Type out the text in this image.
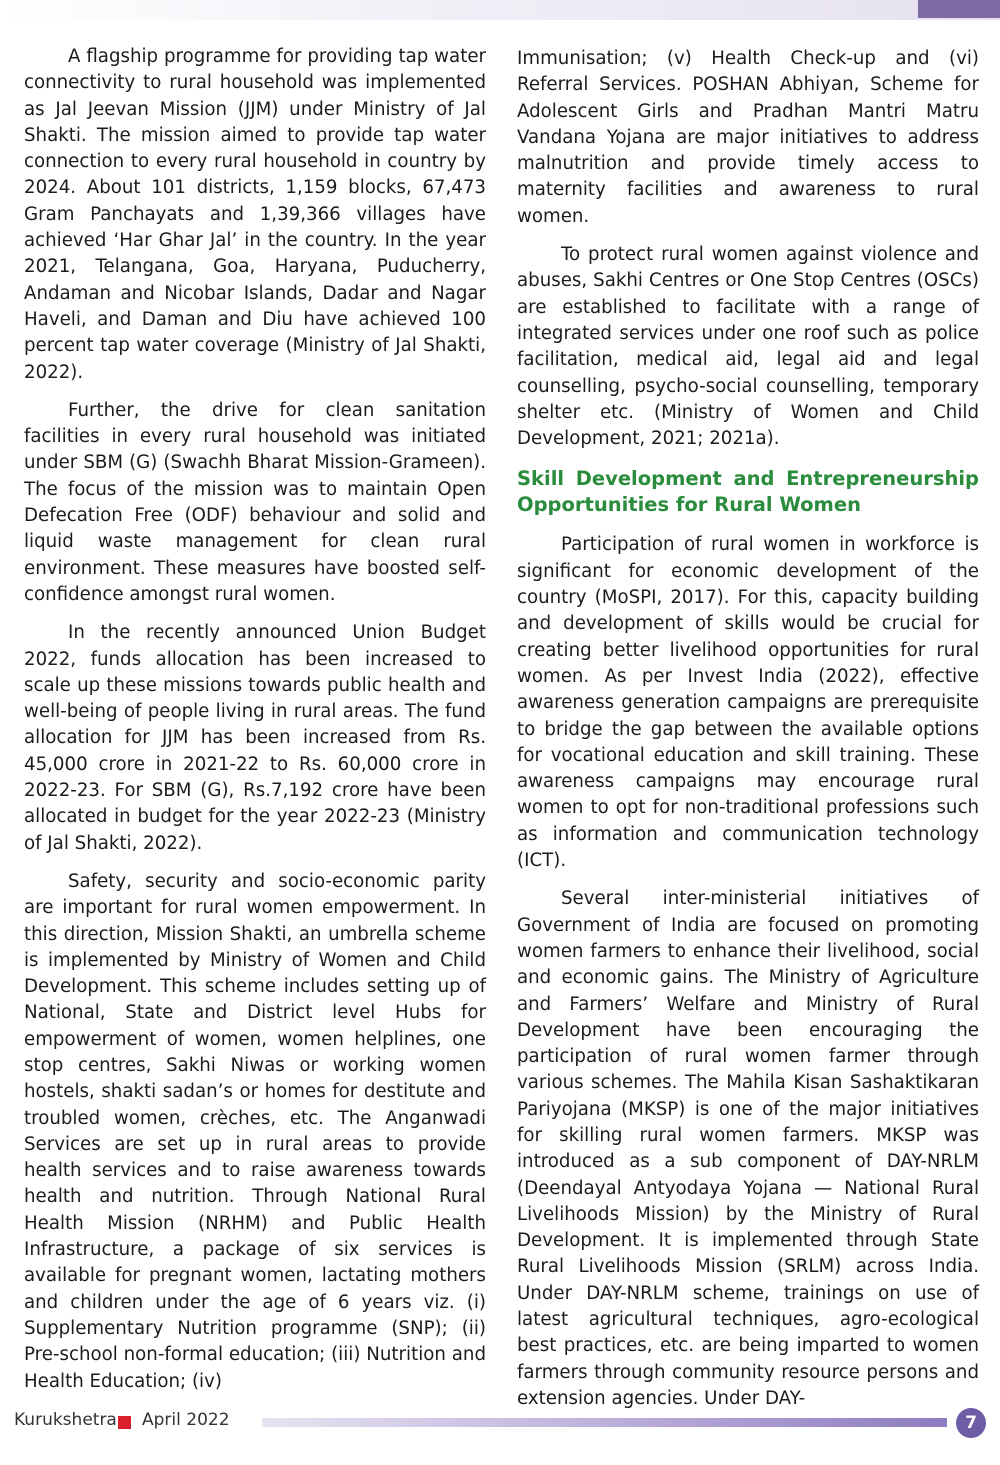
A flagship programme for providing tap water connectivity to rural household was implemented as Jal Jeevan Mission (JJM) under Ministry of Jal Shakti. The mission aimed to provide tap water connection to every rural household in country by 2024. About 101 districts, 1,159 blocks, 67,473 Gram Panchayats and 1,39,366 villages have achieved ‘Har Ghar Jal’ in the country. In the year 2021, Telangana, Goa, Haryana, Puducherry, Andaman and Nicobar Islands, Dadar and Nagar Haveli, and Daman and Diu have achieved 100 percent tap water coverage (Ministry of Jal Shakti, 2022).

Further, the drive for clean sanitation facilities in every rural household was initiated under SBM (G) (Swachh Bharat Mission-Grameen). The focus of the mission was to maintain Open Defecation Free (ODF) behaviour and solid and liquid waste management for clean rural environment. These measures have boosted self-confidence amongst rural women.

In the recently announced Union Budget 2022, funds allocation has been increased to scale up these missions towards public health and well-being of people living in rural areas. The fund allocation for JJM has been increased from Rs. 45,000 crore in 2021-22 to Rs. 60,000 crore in 2022-23. For SBM (G), Rs.7,192 crore have been allocated in budget for the year 2022-23 (Ministry of Jal Shakti, 2022).

Safety, security and socio-economic parity are important for rural women empowerment. In this direction, Mission Shakti, an umbrella scheme is implemented by Ministry of Women and Child Development. This scheme includes setting up of National, State and District level Hubs for empowerment of women, women helplines, one stop centres, Sakhi Niwas or working women hostels, shakti sadan’s or homes for destitute and troubled women, crèches, etc. The Anganwadi Services are set up in rural areas to provide health services and to raise awareness towards health and nutrition. Through National Rural Health Mission (NRHM) and Public Health Infrastructure, a package of six services is available for pregnant women, lactating mothers and children under the age of 6 years viz. (i) Supplementary Nutrition programme (SNP); (ii) Pre-school non-formal education; (iii) Nutrition and Health Education; (iv)

Immunisation; (v) Health Check-up and (vi) Referral Services. POSHAN Abhiyan, Scheme for Adolescent Girls and Pradhan Mantri Matru Vandana Yojana are major initiatives to address malnutrition and provide timely access to maternity facilities and awareness to rural women.

To protect rural women against violence and abuses, Sakhi Centres or One Stop Centres (OSCs) are established to facilitate with a range of integrated services under one roof such as police facilitation, medical aid, legal aid and legal counselling, psycho-social counselling, temporary shelter etc. (Ministry of Women and Child Development, 2021; 2021a).

Skill Development and Entrepreneurship Opportunities for Rural Women

Participation of rural women in workforce is significant for economic development of the country (MoSPI, 2017). For this, capacity building and development of skills would be crucial for creating better livelihood opportunities for rural women. As per Invest India (2022), effective awareness generation campaigns are prerequisite to bridge the gap between the available options for vocational education and skill training. These awareness campaigns may encourage rural women to opt for non-traditional professions such as information and communication technology (ICT).

Several inter-ministerial initiatives of Government of India are focused on promoting women farmers to enhance their livelihood, social and economic gains. The Ministry of Agriculture and Farmers’ Welfare and Ministry of Rural Development have been encouraging the participation of rural women farmer through various schemes. The Mahila Kisan Sashaktikaran Pariyojana (MKSP) is one of the major initiatives for skilling rural women farmers. MKSP was introduced as a sub component of DAY-NRLM (Deendayal Antyodaya Yojana — National Rural Livelihoods Mission) by the Ministry of Rural Development. It is implemented through State Rural Livelihoods Mission (SRLM) across India. Under DAY-NRLM scheme, trainings on use of latest agricultural techniques, agro-ecological best practices, etc. are being imparted to women farmers through community resource persons and extension agencies. Under DAY-

Kurukshetra April 2022	7
